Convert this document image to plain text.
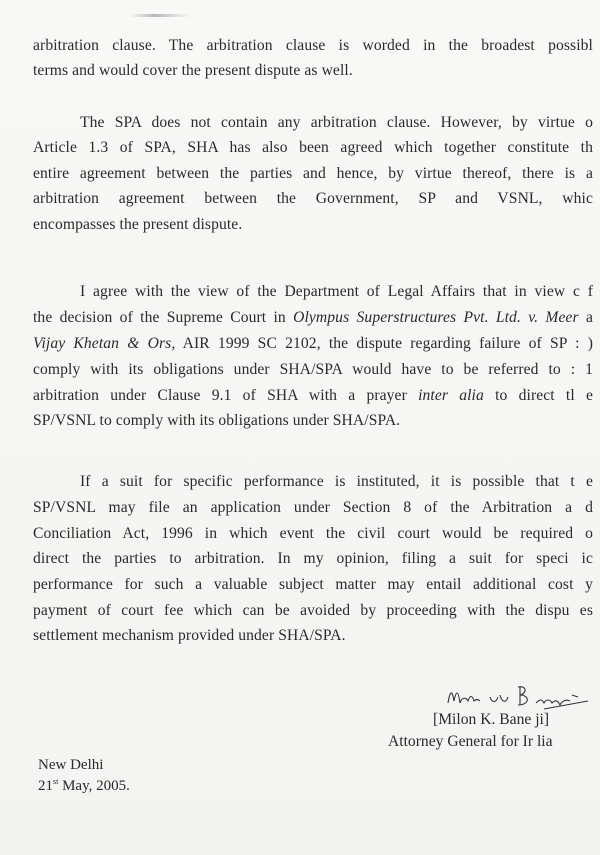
arbitration clause. The arbitration clause is worded in the broadest possibl
terms and would cover the present dispute as well.
The SPA does not contain any arbitration clause. However, by virtue o
Article 1.3 of SPA, SHA has also been agreed which together constitute th
entire agreement between the parties and hence, by virtue thereof, there is a
arbitration agreement between the Government, SP and VSNL, whic
encompasses the present dispute.
I agree with the view of the Department of Legal Affairs that in view c f
the decision of the Supreme Court in Olympus Superstructures Pvt. Ltd. v. Meer a
Vijay Khetan & Ors, AIR 1999 SC 2102, the dispute regarding failure of SP : )
comply with its obligations under SHA/SPA would have to be referred to : 1
arbitration under Clause 9.1 of SHA with a prayer inter alia to direct tl e
SP/VSNL to comply with its obligations under SHA/SPA.
If a suit for specific performance is instituted, it is possible that t e
SP/VSNL may file an application under Section 8 of the Arbitration a d
Conciliation Act, 1996 in which event the civil court would be required o
direct the parties to arbitration. In my opinion, filing a suit for speci ic
performance for such a valuable subject matter may entail additional cost y
payment of court fee which can be avoided by proceeding with the dispu es
settlement mechanism provided under SHA/SPA.
[Milon K. Bane ji]
Attorney General for Ir lia
New Delhi
21st May, 2005.
